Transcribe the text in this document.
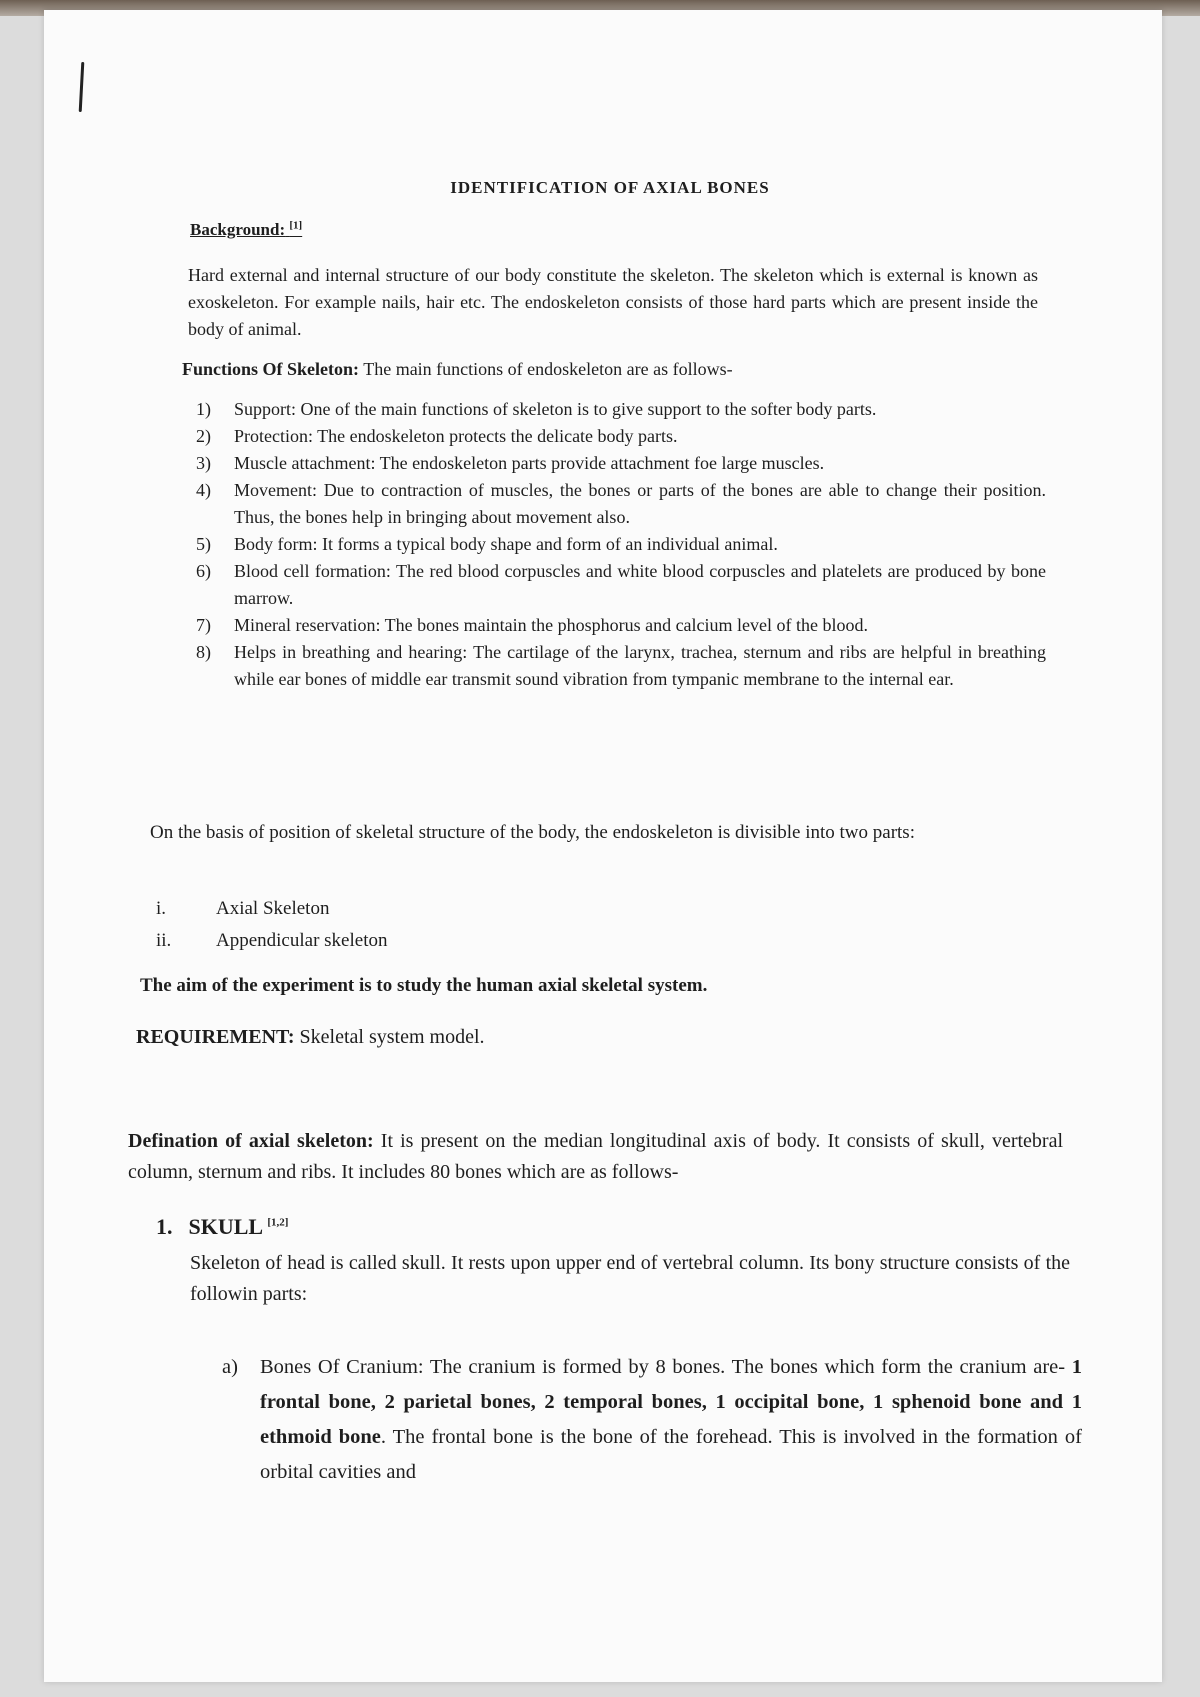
IDENTIFICATION OF AXIAL BONES
Background: [1]
Hard external and internal structure of our body constitute the skeleton. The skeleton which is external is known as exoskeleton. For example nails, hair etc. The endoskeleton consists of those hard parts which are present inside the body of animal.
Functions Of Skeleton: The main functions of endoskeleton are as follows-
1) Support: One of the main functions of skeleton is to give support to the softer body parts.
2) Protection: The endoskeleton protects the delicate body parts.
3) Muscle attachment: The endoskeleton parts provide attachment foe large muscles.
4) Movement: Due to contraction of muscles, the bones or parts of the bones are able to change their position. Thus, the bones help in bringing about movement also.
5) Body form: It forms a typical body shape and form of an individual animal.
6) Blood cell formation: The red blood corpuscles and white blood corpuscles and platelets are produced by bone marrow.
7) Mineral reservation: The bones maintain the phosphorus and calcium level of the blood.
8) Helps in breathing and hearing: The cartilage of the larynx, trachea, sternum and ribs are helpful in breathing while ear bones of middle ear transmit sound vibration from tympanic membrane to the internal ear.
On the basis of position of skeletal structure of the body, the endoskeleton is divisible into two parts:
i.	Axial Skeleton
ii. Appendicular skeleton
The aim of the experiment is to study the human axial skeletal system.
REQUIREMENT: Skeletal system model.
Defination of axial skeleton: It is present on the median longitudinal axis of body. It consists of skull, vertebral column, sternum and ribs. It includes 80 bones which are as follows-
1. SKULL [1,2]
Skeleton of head is called skull. It rests upon upper end of vertebral column. Its bony structure consists of the followin parts:
a)	Bones Of Cranium: The cranium is formed by 8 bones. The bones which form the cranium are- 1 frontal bone, 2 parietal bones, 2 temporal bones, 1 occipital bone, 1 sphenoid bone and 1 ethmoid bone. The frontal bone is the bone of the forehead. This is involved in the formation of orbital cavities and
